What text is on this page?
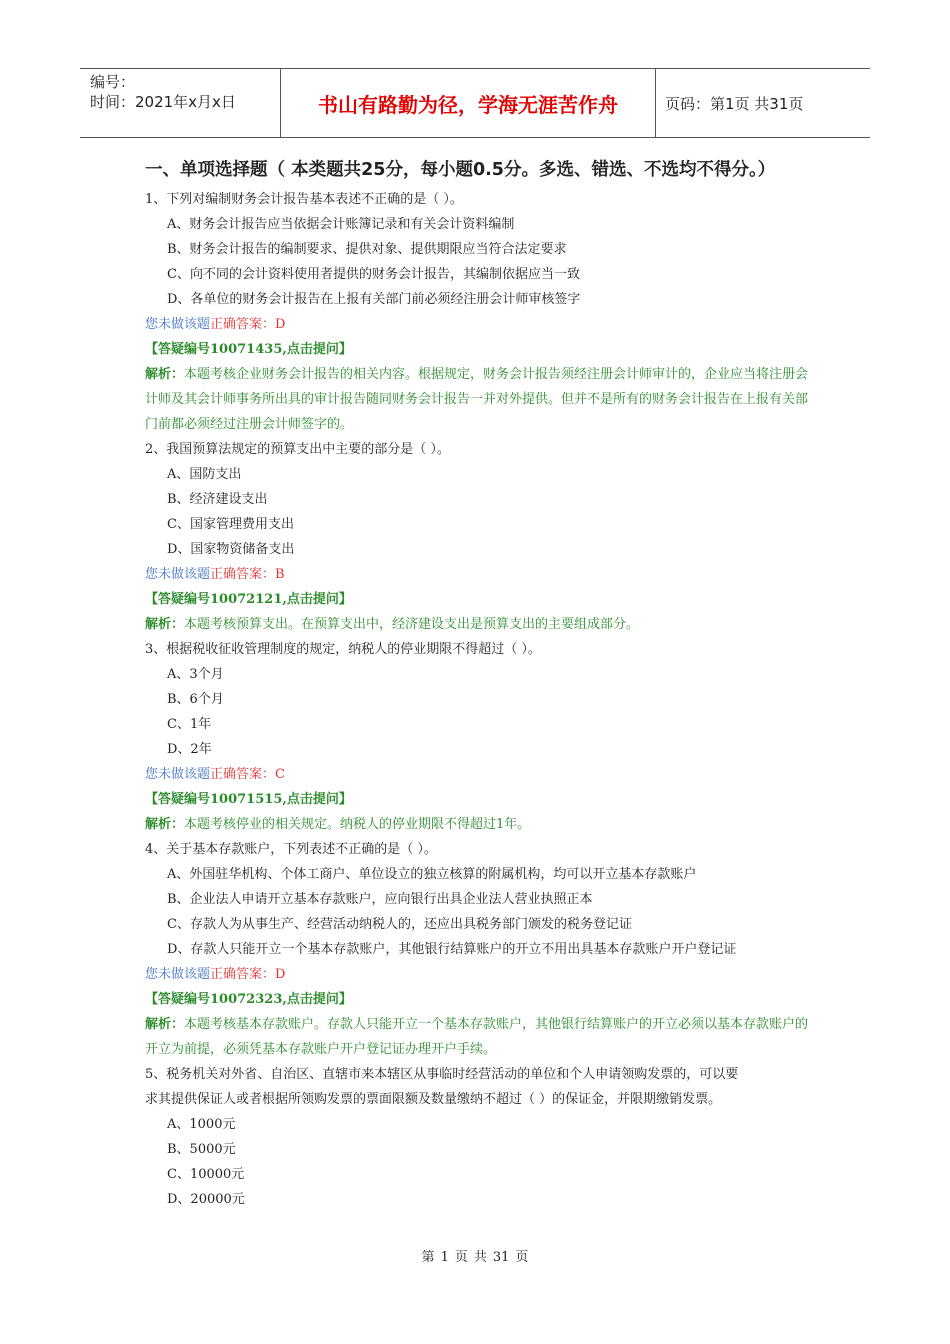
编号：
时间：2021年x月x日	书山有路勤为径，学海无涯苦作舟	页码：第1页 共31页
一、单项选择题（ 本类题共25分，每小题0.5分。多选、错选、不选均不得分。）
1、下列对编制财务会计报告基本表述不正确的是（ ）。
A、财务会计报告应当依据会计账簿记录和有关会计资料编制
B、财务会计报告的编制要求、提供对象、提供期限应当符合法定要求
C、向不同的会计资料使用者提供的财务会计报告，其编制依据应当一致
D、各单位的财务会计报告在上报有关部门前必须经注册会计师审核签字
您未做该题正确答案：D
【答疑编号10071435,点击提问】
解析：本题考核企业财务会计报告的相关内容。根据规定，财务会计报告须经注册会计师审计的，企业应当将注册会计师及其会计师事务所出具的审计报告随同财务会计报告一并对外提供。但并不是所有的财务会计报告在上报有关部门前都必须经过注册会计师签字的。
2、我国预算法规定的预算支出中主要的部分是（ ）。
A、国防支出
B、经济建设支出
C、国家管理费用支出
D、国家物资储备支出
您未做该题正确答案：B
【答疑编号10072121,点击提问】
解析：本题考核预算支出。在预算支出中，经济建设支出是预算支出的主要组成部分。
3、根据税收征收管理制度的规定，纳税人的停业期限不得超过（ ）。
A、3个月
B、6个月
C、1年
D、2年
您未做该题正确答案：C
【答疑编号10071515,点击提问】
解析：本题考核停业的相关规定。纳税人的停业期限不得超过1年。
4、关于基本存款账户，下列表述不正确的是（ ）。
A、外国驻华机构、个体工商户、单位设立的独立核算的附属机构，均可以开立基本存款账户
B、企业法人申请开立基本存款账户，应向银行出具企业法人营业执照正本
C、存款人为从事生产、经营活动纳税人的，还应出具税务部门颁发的税务登记证
D、存款人只能开立一个基本存款账户，其他银行结算账户的开立不用出具基本存款账户开户登记证
您未做该题正确答案：D
【答疑编号10072323,点击提问】
解析：本题考核基本存款账户。存款人只能开立一个基本存款账户，其他银行结算账户的开立必须以基本存款账户的开立为前提，必须凭基本存款账户开户登记证办理开户手续。
5、税务机关对外省、自治区、直辖市来本辖区从事临时经营活动的单位和个人申请领购发票的，可以要
求其提供保证人或者根据所领购发票的票面限额及数量缴纳不超过（ ）的保证金，并限期缴销发票。
A、1000元
B、5000元
C、10000元
D、20000元
第 1 页 共 31 页
